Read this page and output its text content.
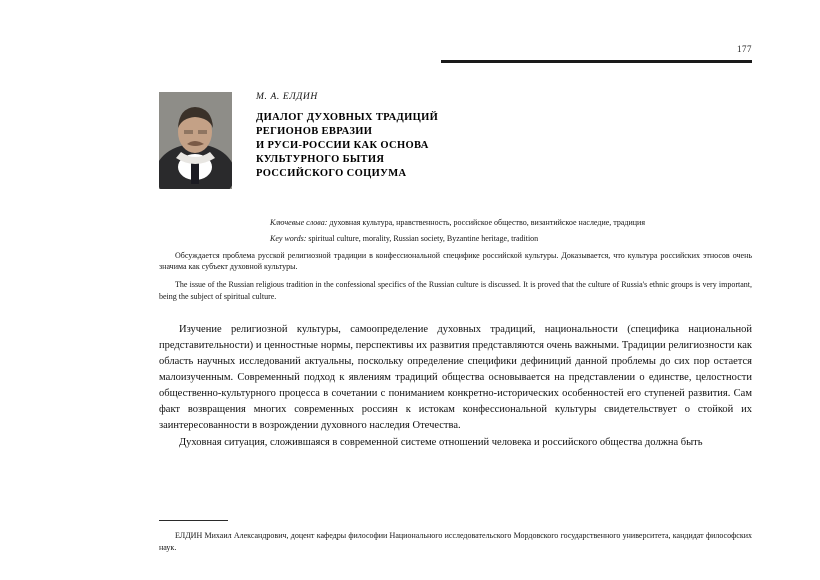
177
М. А. ЕЛДИН
ДИАЛОГ ДУХОВНЫХ ТРАДИЦИЙ
РЕГИОНОВ ЕВРАЗИИ
И РУСИ-РОССИИ КАК ОСНОВА
КУЛЬТУРНОГО БЫТИЯ
РОССИЙСКОГО СОЦИУМА

Ключевые слова: духовная культура, нравственность, российское общество, византийское наследие, традиция

Key words: spiritual culture, morality, Russian society, Byzantine heritage, tradition

Обсуждается проблема русской религиозной традиции в конфессиональной специфике российской культуры. Доказывается, что культура российских этносов очень значима как субъект духовной культуры.

The issue of the Russian religious tradition in the confessional specifics of the Russian culture is discussed. It is proved that the culture of Russia's ethnic groups is very important, being the subject of spiritual culture.

Изучение религиозной культуры, самоопределение духовных традиций, национальности (специфика национальной представительности) и ценностные нормы, перспективы их развития представляются очень важными. Традиции религиозности как область научных исследований актуальны, поскольку определение специфики дефиниций данной проблемы до сих пор остается малоизученным. Современный подход к явлениям традиций общества основывается на представлении о единстве, целостности общественно-культурного процесса в сочетании с пониманием конкретно-исторических особенностей его ступеней развития. Сам факт возвращения многих современных россиян к истокам конфессиональной культуры свидетельствует о стойкой их заинтересованности в возрождении духовного наследия Отечества.

Духовная ситуация, сложившаяся в современной системе отношений человека и российского общества должна быть

ЕЛДИН Михаил Александрович, доцент кафедры философии Национального исследовательского Мордовского государственного университета, кандидат философских наук.
